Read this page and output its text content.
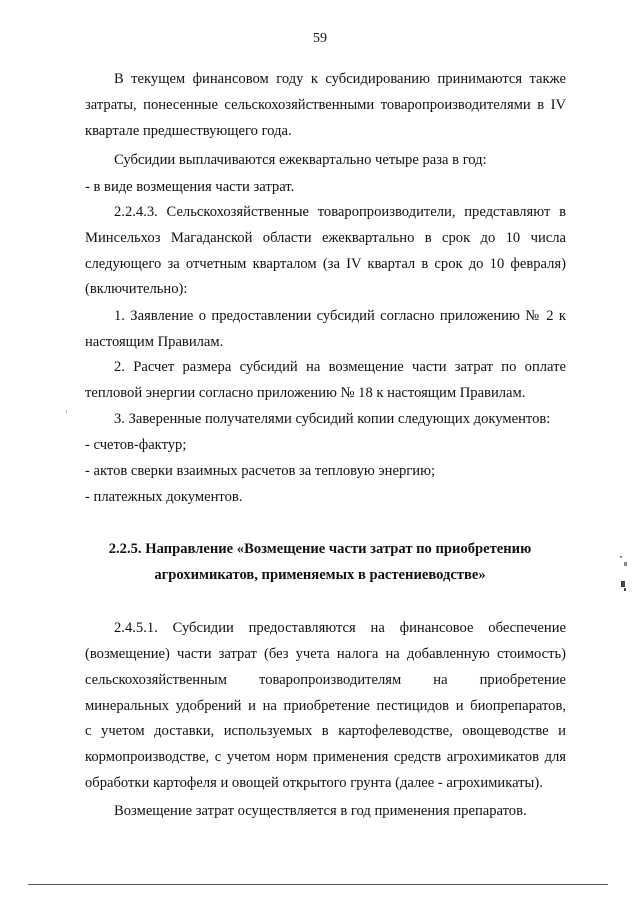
59
В текущем финансовом году к субсидированию принимаются также
затраты, понесенные сельскохозяйственными товаропроизводителями в IV
квартале предшествующего года.
Субсидии выплачиваются ежеквартально четыре раза в год:
- в виде возмещения части затрат.
2.2.4.3. Сельскохозяйственные товаропроизводители, представляют в
Минсельхоз Магаданской области ежеквартально в срок до 10 числа
следующего за отчетным кварталом (за IV квартал в срок до 10 февраля)
(включительно):
1. Заявление о предоставлении субсидий согласно приложению № 2 к
настоящим Правилам.
2. Расчет размера субсидий на возмещение части затрат по оплате
тепловой энергии согласно приложению № 18 к настоящим Правилам.
3. Заверенные получателями субсидий копии следующих документов:
- счетов-фактур;
- актов сверки взаимных расчетов за тепловую энергию;
- платежных документов.
2.2.5. Направление «Возмещение части затрат по приобретению
агрохимикатов, применяемых в растениеводстве»
2.4.5.1. Субсидии предоставляются на финансовое обеспечение
(возмещение) части затрат (без учета налога на добавленную стоимость)
сельскохозяйственным товаропроизводителям на приобретение
минеральных удобрений и на приобретение пестицидов и биопрепаратов,
с учетом доставки, используемых в картофелеводстве, овощеводстве и
кормопроизводстве, с учетом норм применения средств агрохимикатов для
обработки картофеля и овощей открытого грунта (далее - агрохимикаты).
Возмещение затрат осуществляется в год применения препаратов.
